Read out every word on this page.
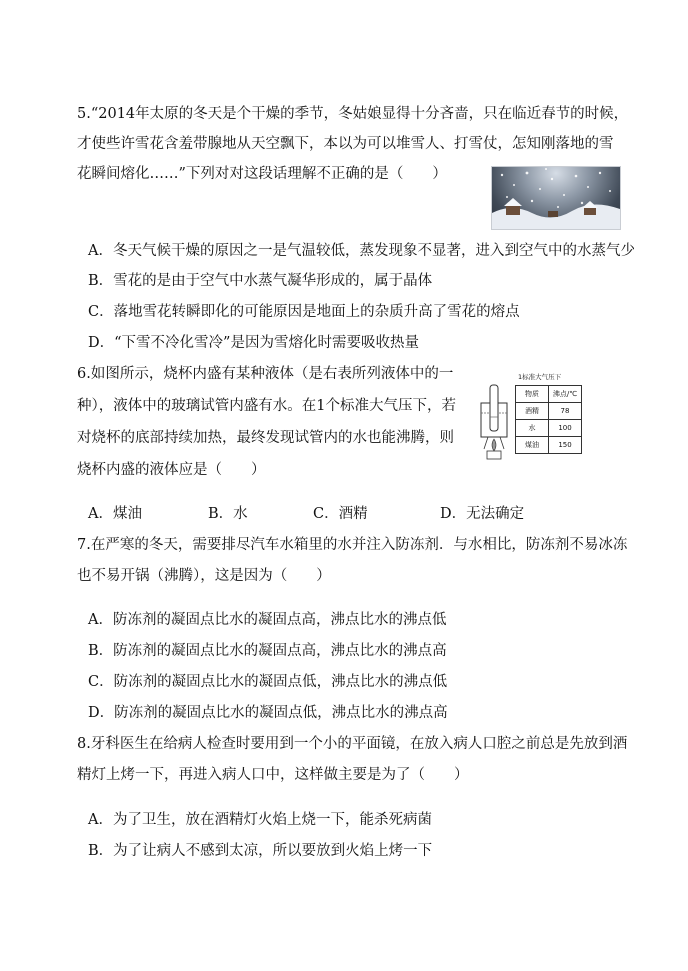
5.“2014年太原的冬天是个干燥的季节，冬姑娘显得十分吝啬，只在临近春节的时候，
才使些许雪花含羞带腺地从天空飘下，本以为可以堆雪人、打雪仗，怎知刚落地的雪
花瞬间熔化……”下列对对这段话理解不正确的是（　　）
A．冬天气候干燥的原因之一是气温较低，蒸发现象不显著，进入到空气中的水蒸气少
B．雪花的是由于空气中水蒸气凝华形成的，属于晶体
C．落地雪花转瞬即化的可能原因是地面上的杂质升高了雪花的熔点
D．“下雪不冷化雪冷”是因为雪熔化时需要吸收热量
6.如图所示，烧杯内盛有某种液体（是右表所列液体中的一
种），液体中的玻璃试管内盛有水。在1个标准大气压下，若
对烧杯的底部持续加热，最终发现试管内的水也能沸腾，则
烧杯内盛的液体应是（　　）
1标准大气压下
物质	沸点/℃
酒精	78
水	100
煤油	150
A．煤油	B．水	C．酒精	D．无法确定
7.在严寒的冬天，需要排尽汽车水箱里的水并注入防冻剂．与水相比，防冻剂不易冰冻
也不易开锅（沸腾），这是因为（　　）
A．防冻剂的凝固点比水的凝固点高，沸点比水的沸点低
B．防冻剂的凝固点比水的凝固点高，沸点比水的沸点高
C．防冻剂的凝固点比水的凝固点低，沸点比水的沸点低
D．防冻剂的凝固点比水的凝固点低，沸点比水的沸点高
8.牙科医生在给病人检查时要用到一个小的平面镜，在放入病人口腔之前总是先放到酒
精灯上烤一下，再进入病人口中，这样做主要是为了（　　）
A．为了卫生，放在酒精灯火焰上烧一下，能杀死病菌
B．为了让病人不感到太凉，所以要放到火焰上烤一下
